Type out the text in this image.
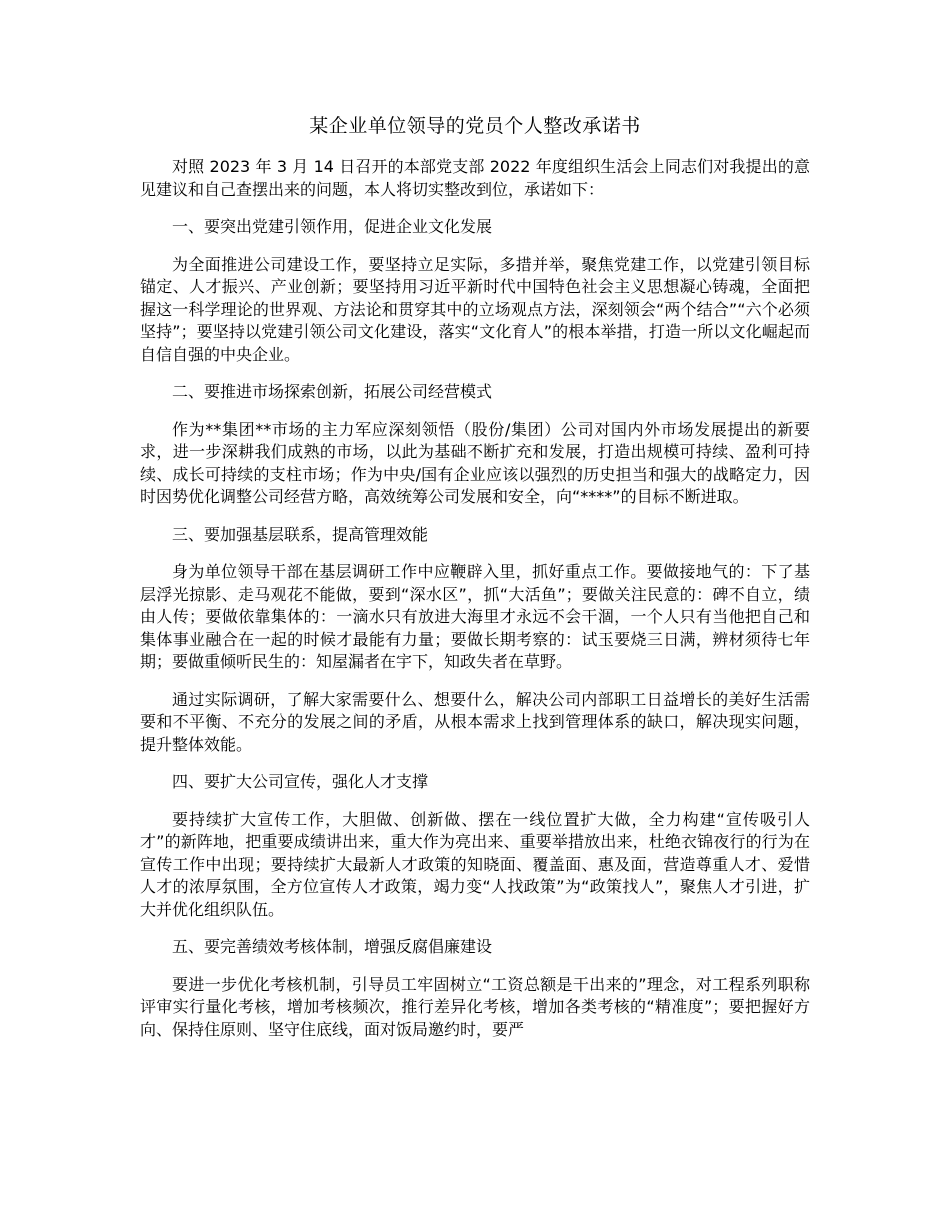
某企业单位领导的党员个人整改承诺书

对照 2023 年 3 月 14 日召开的本部党支部 2022 年度组织生活会上同志们对我提出的意见建议和自己查摆出来的问题，本人将切实整改到位，承诺如下：

一、要突出党建引领作用，促进企业文化发展

为全面推进公司建设工作，要坚持立足实际，多措并举，聚焦党建工作，以党建引领目标锚定、人才振兴、产业创新；要坚持用习近平新时代中国特色社会主义思想凝心铸魂，全面把握这一科学理论的世界观、方法论和贯穿其中的立场观点方法，深刻领会“两个结合”“六个必须坚持”；要坚持以党建引领公司文化建设，落实“文化育人”的根本举措，打造一所以文化崛起而自信自强的中央企业。

二、要推进市场探索创新，拓展公司经营模式

作为**集团**市场的主力军应深刻领悟（股份/集团）公司对国内外市场发展提出的新要求，进一步深耕我们成熟的市场，以此为基础不断扩充和发展，打造出规模可持续、盈利可持续、成长可持续的支柱市场；作为中央/国有企业应该以强烈的历史担当和强大的战略定力，因时因势优化调整公司经营方略，高效统筹公司发展和安全，向“****”的目标不断进取。

三、要加强基层联系，提高管理效能

身为单位领导干部在基层调研工作中应鞭辟入里，抓好重点工作。要做接地气的：下了基层浮光掠影、走马观花不能做，要到“深水区”，抓“大活鱼”；要做关注民意的：碑不自立，绩由人传；要做依靠集体的：一滴水只有放进大海里才永远不会干涸，一个人只有当他把自己和集体事业融合在一起的时候才最能有力量；要做长期考察的：试玉要烧三日满，辨材须待七年期；要做重倾听民生的：知屋漏者在宇下，知政失者在草野。

通过实际调研，了解大家需要什么、想要什么，解决公司内部职工日益增长的美好生活需要和不平衡、不充分的发展之间的矛盾，从根本需求上找到管理体系的缺口，解决现实问题，提升整体效能。

四、要扩大公司宣传，强化人才支撑

要持续扩大宣传工作，大胆做、创新做、摆在一线位置扩大做，全力构建“宣传吸引人才”的新阵地，把重要成绩讲出来，重大作为亮出来、重要举措放出来，杜绝衣锦夜行的行为在宣传工作中出现；要持续扩大最新人才政策的知晓面、覆盖面、惠及面，营造尊重人才、爱惜人才的浓厚氛围，全方位宣传人才政策，竭力变“人找政策”为“政策找人”，聚焦人才引进，扩大并优化组织队伍。

五、要完善绩效考核体制，增强反腐倡廉建设

要进一步优化考核机制，引导员工牢固树立“工资总额是干出来的”理念，对工程系列职称评审实行量化考核，增加考核频次，推行差异化考核，增加各类考核的“精准度”；要把握好方向、保持住原则、坚守住底线，面对饭局邀约时，要严
